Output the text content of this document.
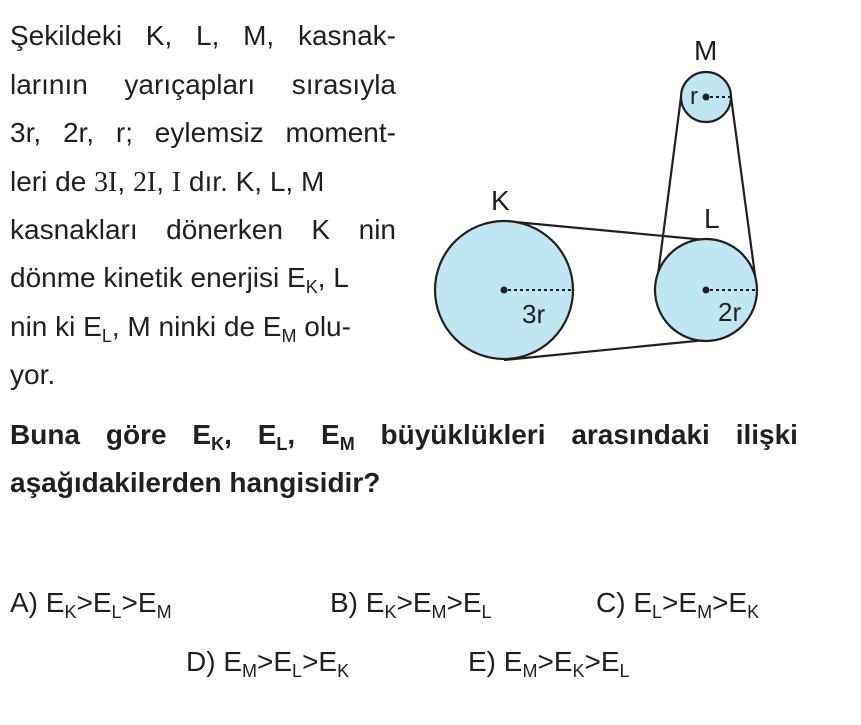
Şekildeki K, L, M, kasnak-
larının yarıçapları sırasıyla
3r, 2r, r; eylemsiz moment-
leri de 3I, 2I, I dır. K, L, M
kasnakları dönerken K nin
dönme kinetik enerjisi $E_K$, L
nin ki $E_L$, M ninki de $E_M$ olu-
yor.
Buna göre $E_K$, $E_L$, $E_M$ büyüklükleri arasındaki ilişki
aşağıdakilerden hangisidir?
A) $E_K>E_L>E_M$	B) $E_K>E_M>E_L$	C) $E_L>E_M>E_K$
D) $E_M>E_L>E_K$	E) $E_M>E_K>E_L$
3r
K
2r
L
r
M
